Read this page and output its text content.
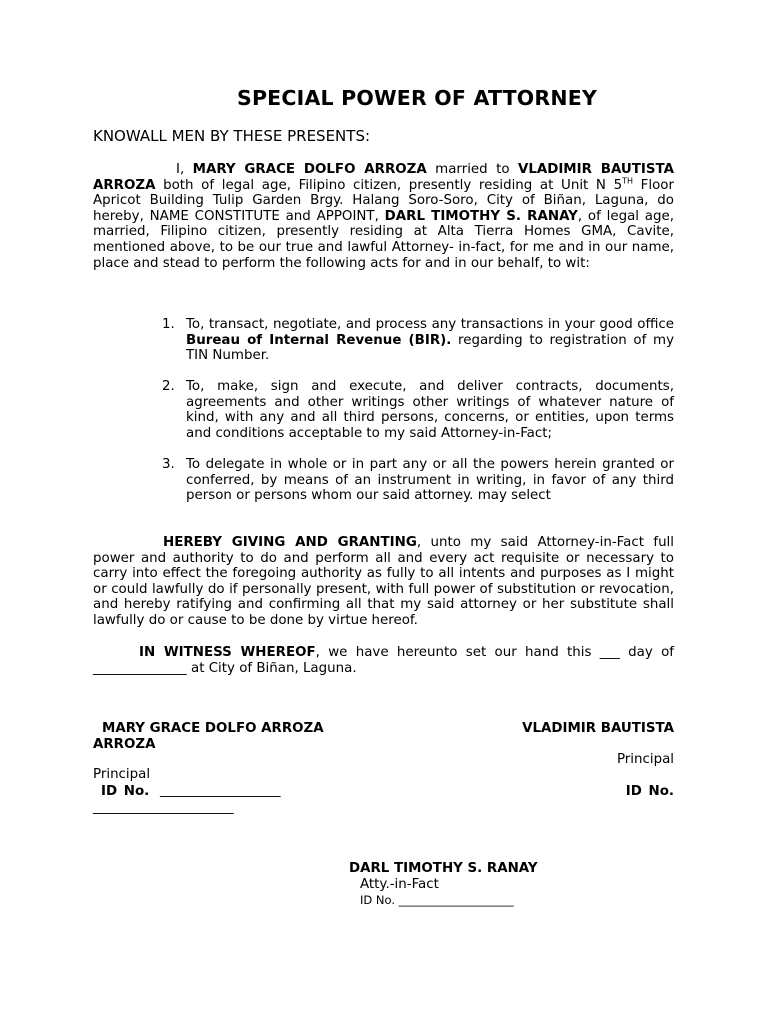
SPECIAL POWER OF ATTORNEY
KNOWALL MEN BY THESE PRESENTS:
I, MARY GRACE DOLFO ARROZA married to VLADIMIR BAUTISTA ARROZA both of legal age, Filipino citizen, presently residing at Unit N 5TH Floor Apricot Building Tulip Garden Brgy. Halang Soro-Soro, City of Biñan, Laguna, do hereby, NAME CONSTITUTE and APPOINT, DARL TIMOTHY S. RANAY, of legal age, married, Filipino citizen, presently residing at Alta Tierra Homes GMA, Cavite, mentioned above, to be our true and lawful Attorney- in-fact, for me and in our name, place and stead to perform the following acts for and in our behalf, to wit:
1. To, transact, negotiate, and process any transactions in your good office Bureau of Internal Revenue (BIR). regarding to registration of my TIN Number.
2. To, make, sign and execute, and deliver contracts, documents, agreements and other writings other writings of whatever nature of kind, with any and all third persons, concerns, or entities, upon terms and conditions acceptable to my said Attorney-in-Fact;
3. To delegate in whole or in part any or all the powers herein granted or conferred, by means of an instrument in writing, in favor of any third person or persons whom our said attorney. may select
HEREBY GIVING AND GRANTING, unto my said Attorney-in-Fact full power and authority to do and perform all and every act requisite or necessary to carry into effect the foregoing authority as fully to all intents and purposes as I might or could lawfully do if personally present, with full power of substitution or revocation, and hereby ratifying and confirming all that my said attorney or her substitute shall lawfully do or cause to be done by virtue hereof.
IN WITNESS WHEREOF, we have hereunto set our hand this ___ day of ______________ at City of Biñan, Laguna.
MARY GRACE DOLFO ARROZA
ARROZA
Principal
ID No. __________________
_____________________
VLADIMIR BAUTISTA
Principal
ID No.
DARL TIMOTHY S. RANAY
Atty.-in-Fact
ID No. ____________________
